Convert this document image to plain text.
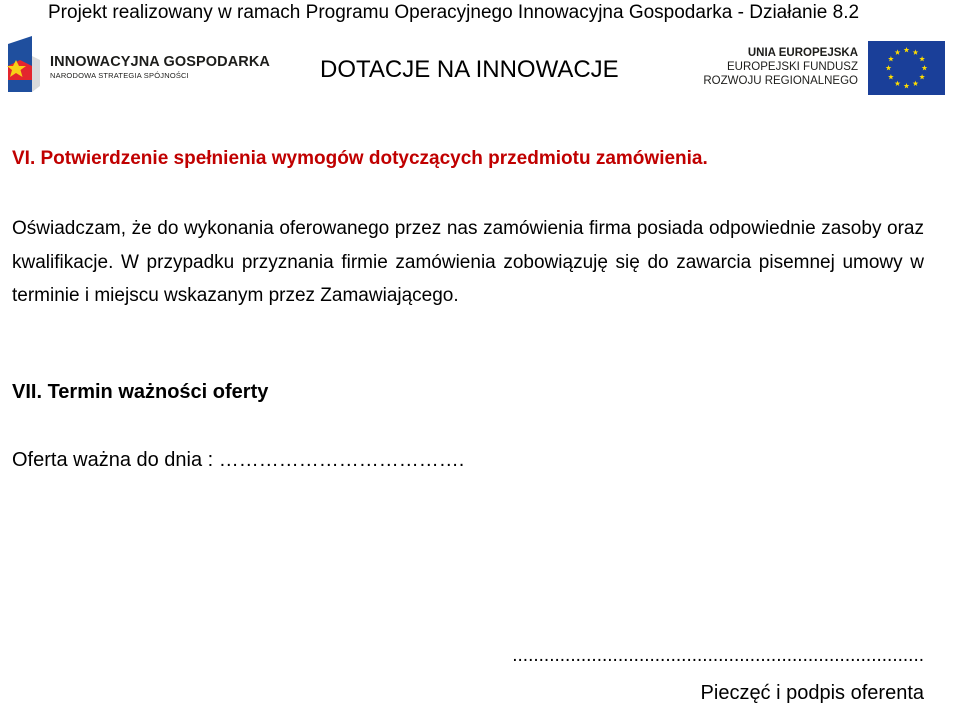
Projekt realizowany w ramach Programu Operacyjnego Innowacyjna Gospodarka - Działanie 8.2
INNOWACYJNA GOSPODARKA
NARODOWA STRATEGIA SPÓJNOŚCI	DOTACJE NA INNOWACJE
UNIA EUROPEJSKA
EUROPEJSKI FUNDUSZ
ROZWOJU REGIONALNEGO
VI. Potwierdzenie spełnienia wymogów dotyczących przedmiotu zamówienia.
Oświadczam, że do wykonania oferowanego przez nas zamówienia firma posiada odpowiednie zasoby oraz kwalifikacje. W przypadku przyznania firmie zamówienia zobowiązuję się do zawarcia pisemnej umowy w terminie i miejscu wskazanym przez Zamawiającego.
VII. Termin ważności oferty
Oferta ważna do dnia : ……………………………….
..............................................................................
Pieczęć i podpis oferenta
